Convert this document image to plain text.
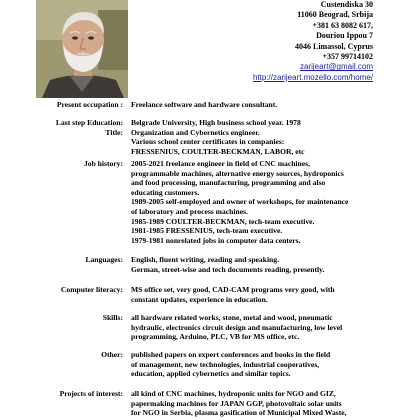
Custendiska 30
11060 Beograd, Srbija
+381 63 8082 617,
Douriou Ippou 7
4046 Limassol, Cyprus
+357 99714102
zarijeart@gmail.com
http://zarijeart.mozello.com/home/
Present occupation : Freelance software and hardware consultant.
Last step Education: Belgrade University, High business school year. 1978
Title: Organization and Cybernetics engineer.
Various school center certificates in companies:
FRESSENIUS, COULTER-BECKMAN, LABOR, etc
Job history: 2005-2021 freelance engineer in field of CNC machines,
programmable machines, alternative energy sources, hydroponics
and food processing, manufacturing, programming and also
educating customers.
1989-2005 self-employed and owner of workshops, for maintenance
of laboratory and process machines.
1985-1989 COULTER-BECKMAN, tech-team executive.
1981-1985 FRESSENIUS, tech-team executive.
1979-1981 nonrelated jobs in computer data centers.
Languages: English, fluent writing, reading and speaking.
German, street-wise and tech documents reading, presently.
Computer literacy: MS office set, very good, CAD-CAM programs very good, with
constant updates, experience in education.
Skills: all hardware related works, stone, metal and wood, pneumatic
hydraulic, electronics circuit design and manufacturing, low level
programming, Arduino, PLC, VB for MS office, etc.
Other: published papers on expert conferences and books in the field
of management, new technologies, industrial cooperatives,
education, applied cybernetics and similar topics.
Projects of interest: all kind of CNC machines, hydroponic units for NGO and GIZ,
papermaking machines for JAPAN GGP, photovoltaic solar units
for NGO in Serbia, plasma gasification of Municipal Mixed Waste,
